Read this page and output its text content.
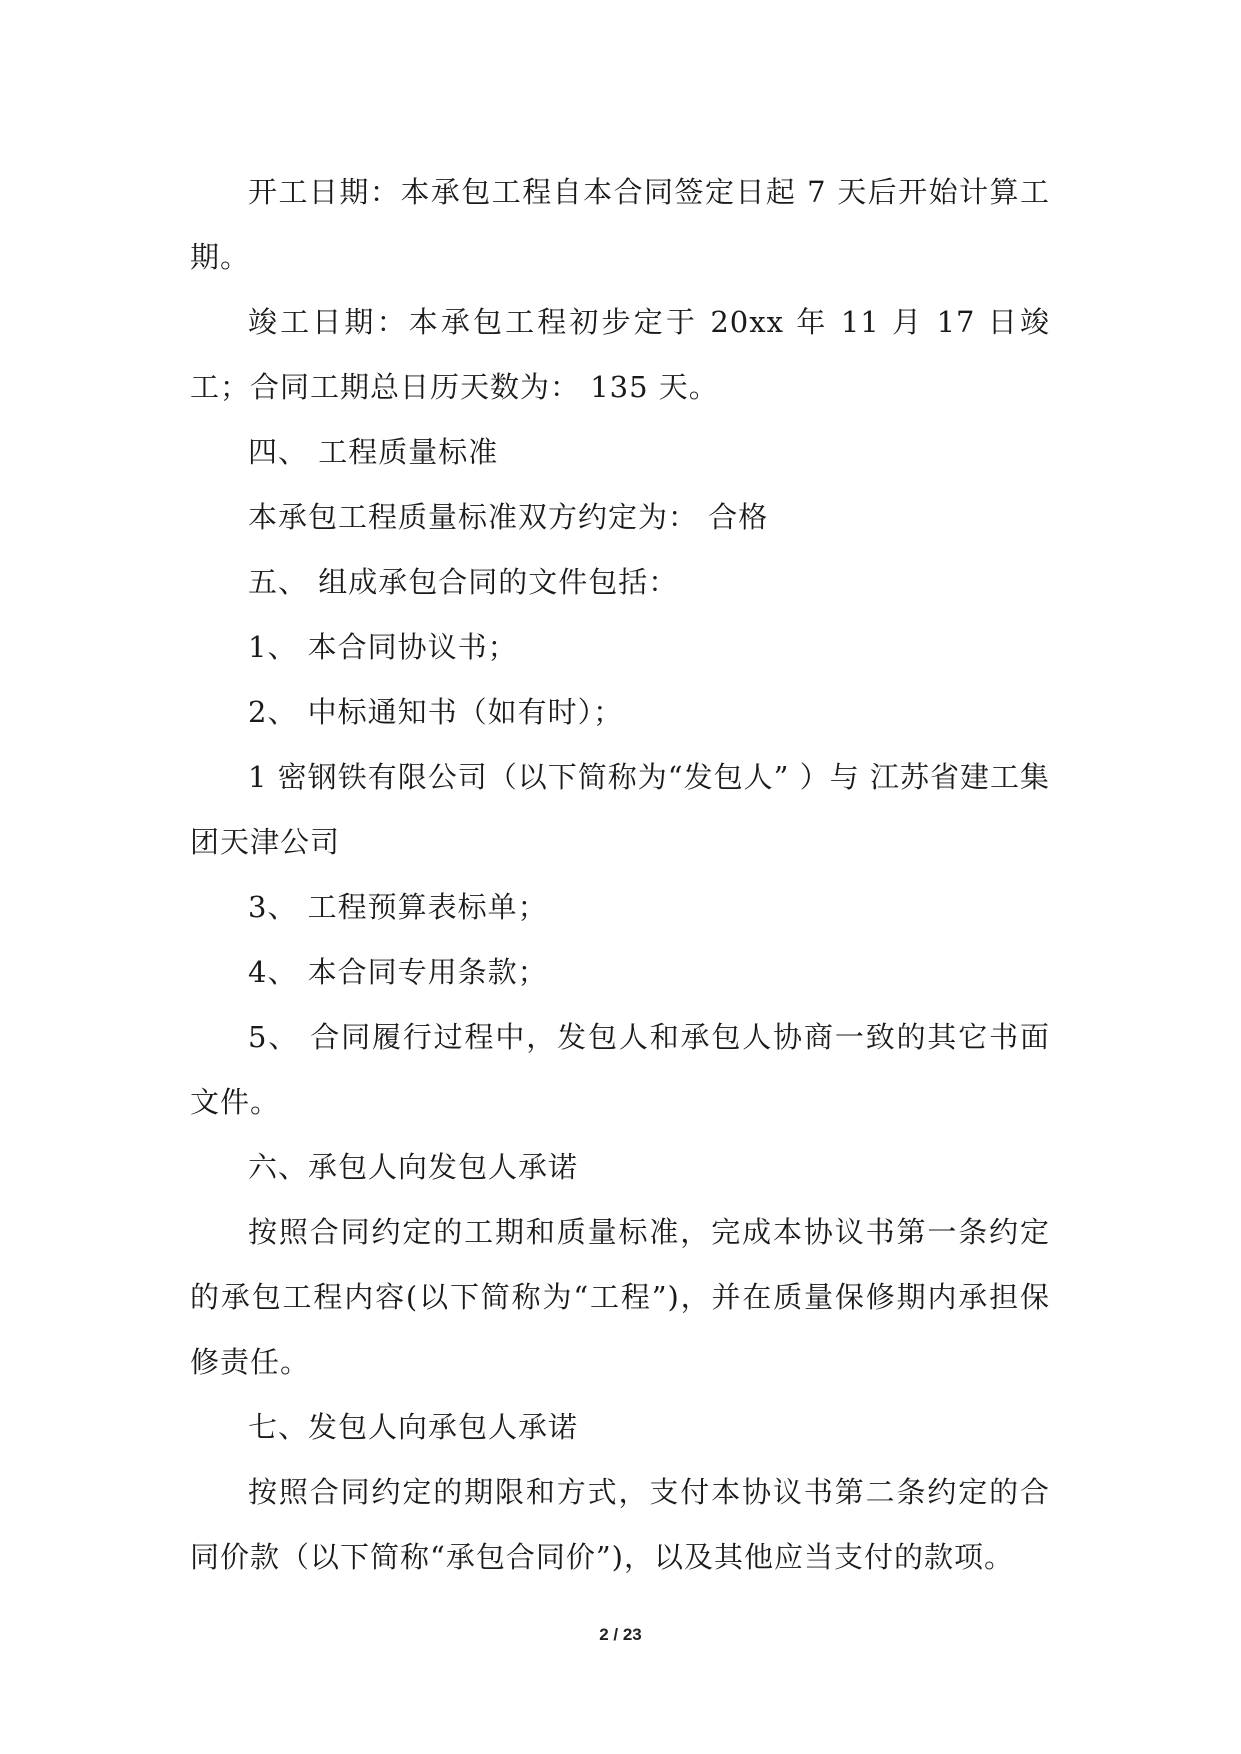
开工日期：本承包工程自本合同签定日起 7 天后开始计算工期。

竣工日期：本承包工程初步定于 20xx 年 11 月 17 日竣工；合同工期总日历天数为： 135 天。

四、 工程质量标准

本承包工程质量标准双方约定为： 合格

五、 组成承包合同的文件包括：

1、 本合同协议书；

2、 中标通知书（如有时）；

1 密钢铁有限公司（以下简称为“发包人” ）与 江苏省建工集团天津公司

3、 工程预算表标单；

4、 本合同专用条款；

5、 合同履行过程中，发包人和承包人协商一致的其它书面文件。

六、承包人向发包人承诺

按照合同约定的工期和质量标准，完成本协议书第一条约定的承包工程内容(以下简称为“工程”)，并在质量保修期内承担保修责任。

七、发包人向承包人承诺

按照合同约定的期限和方式，支付本协议书第二条约定的合同价款（以下简称“承包合同价”)，以及其他应当支付的款项。

2 / 23
